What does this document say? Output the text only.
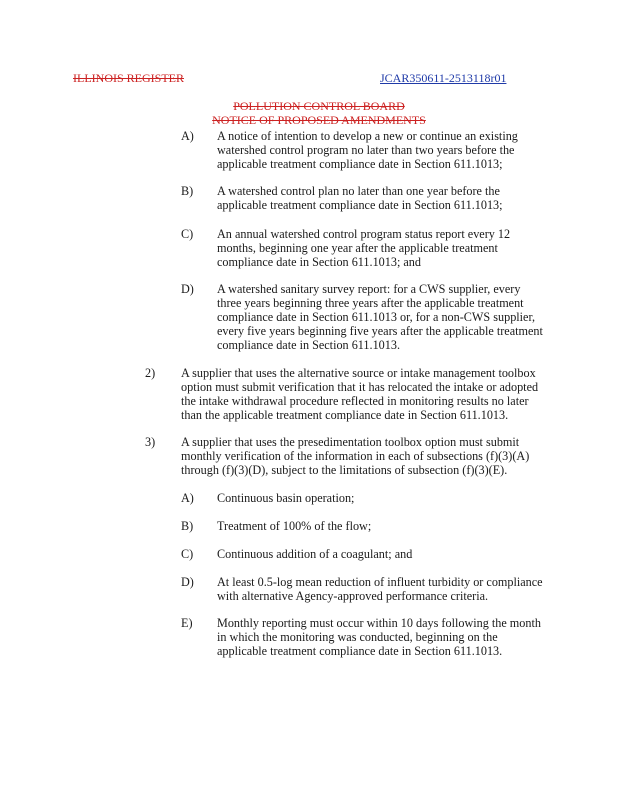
ILLINOIS REGISTER	JCAR350611-2513118r01
POLLUTION CONTROL BOARD
NOTICE OF PROPOSED AMENDMENTS
A) A notice of intention to develop a new or continue an existing
watershed control program no later than two years before the
applicable treatment compliance date in Section 611.1013;
B) A watershed control plan no later than one year before the
applicable treatment compliance date in Section 611.1013;
C) An annual watershed control program status report every 12
months, beginning one year after the applicable treatment
compliance date in Section 611.1013; and
D) A watershed sanitary survey report: for a CWS supplier, every
three years beginning three years after the applicable treatment
compliance date in Section 611.1013 or, for a non-CWS supplier,
every five years beginning five years after the applicable treatment
compliance date in Section 611.1013.
2) A supplier that uses the alternative source or intake management toolbox
option must submit verification that it has relocated the intake or adopted
the intake withdrawal procedure reflected in monitoring results no later
than the applicable treatment compliance date in Section 611.1013.
3) A supplier that uses the presedimentation toolbox option must submit
monthly verification of the information in each of subsections (f)(3)(A)
through (f)(3)(D), subject to the limitations of subsection (f)(3)(E).
A) Continuous basin operation;
B) Treatment of 100% of the flow;
C) Continuous addition of a coagulant; and
D) At least 0.5-log mean reduction of influent turbidity or compliance
with alternative Agency-approved performance criteria.
E) Monthly reporting must occur within 10 days following the month
in which the monitoring was conducted, beginning on the
applicable treatment compliance date in Section 611.1013.
